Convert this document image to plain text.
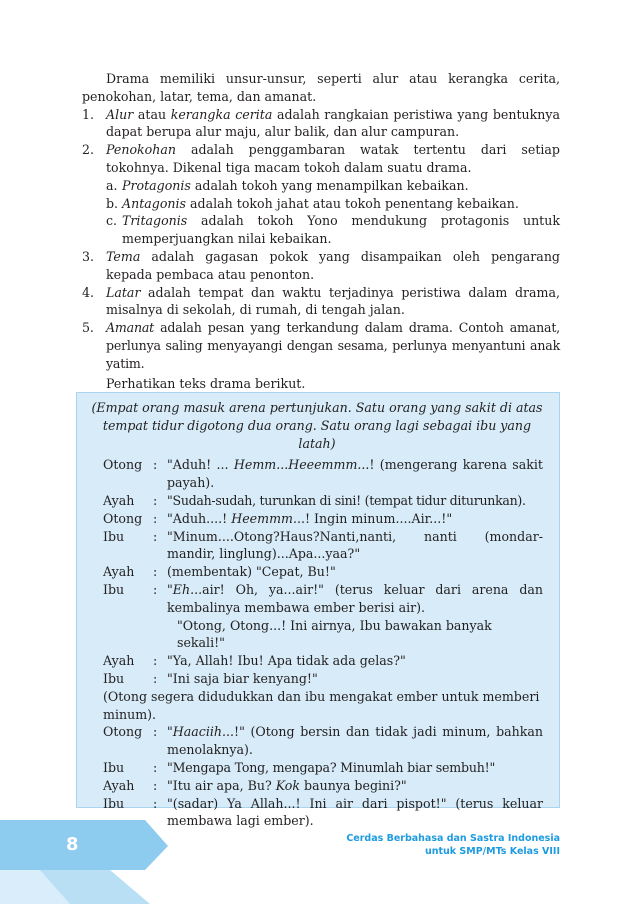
8	Cerdas Berbahasa dan Sastra Indonesia
untuk SMP/MTs Kelas VIII
Drama memiliki unsur-unsur, seperti alur atau kerangka cerita, penokohan, latar, tema, dan amanat.
1. Alur atau kerangka cerita adalah rangkaian peristiwa yang bentuknya dapat berupa alur maju, alur balik, dan alur campuran.
2. Penokohan adalah penggambaran watak tertentu dari setiap tokohnya. Dikenal tiga macam tokoh dalam suatu drama.
a. Protagonis adalah tokoh yang menampilkan kebaikan.
b. Antagonis adalah tokoh jahat atau tokoh penentang kebaikan.
c. Tritagonis adalah tokoh Yono mendukung protagonis untuk memperjuangkan nilai kebaikan.
3. Tema adalah gagasan pokok yang disampaikan oleh pengarang kepada pembaca atau penonton.
4. Latar adalah tempat dan waktu terjadinya peristiwa dalam drama, misalnya di sekolah, di rumah, di tengah jalan.
5. Amanat adalah pesan yang terkandung dalam drama. Contoh amanat, perlunya saling menyayangi dengan sesama, perlunya menyantuni anak yatim.
Perhatikan teks drama berikut.
(Empat orang masuk arena pertunjukan. Satu orang yang sakit di atas tempat tidur digotong dua orang. Satu orang lagi sebagai ibu yang latah)
Otong : "Aduh! ... Hemm...Heeemmm...! (mengerang karena sakit payah).
Ayah	: "Sudah-sudah, turunkan di sini! (tempat tidur diturunkan).
Otong : "Aduh....! Heemmm...! Ingin minum....Air...!"
Ibu	: "Minum....Otong?Haus?Nanti,nanti, nanti (mondar-mandir, linglung)...Apa...yaa?"
Ayah	: (membentak) "Cepat, Bu!"
Ibu	: "Eh...air! Oh, ya...air!" (terus keluar dari arena dan kembalinya membawa ember berisi air).
"Otong, Otong...! Ini airnya, Ibu bawakan banyak sekali!"
Ayah	: "Ya, Allah! Ibu! Apa tidak ada gelas?"
Ibu	: "Ini saja biar kenyang!"
(Otong segera didudukkan dan ibu mengakat ember untuk memberi minum).
Otong : "Haaciih...!" (Otong bersin dan tidak jadi minum, bahkan menolaknya).
Ibu	: "Mengapa Tong, mengapa? Minumlah biar sembuh!"
Ayah	: "Itu air apa, Bu? Kok baunya begini?"
Ibu	: "(sadar) Ya Allah...! Ini air dari pispot!" (terus keluar membawa lagi ember).
